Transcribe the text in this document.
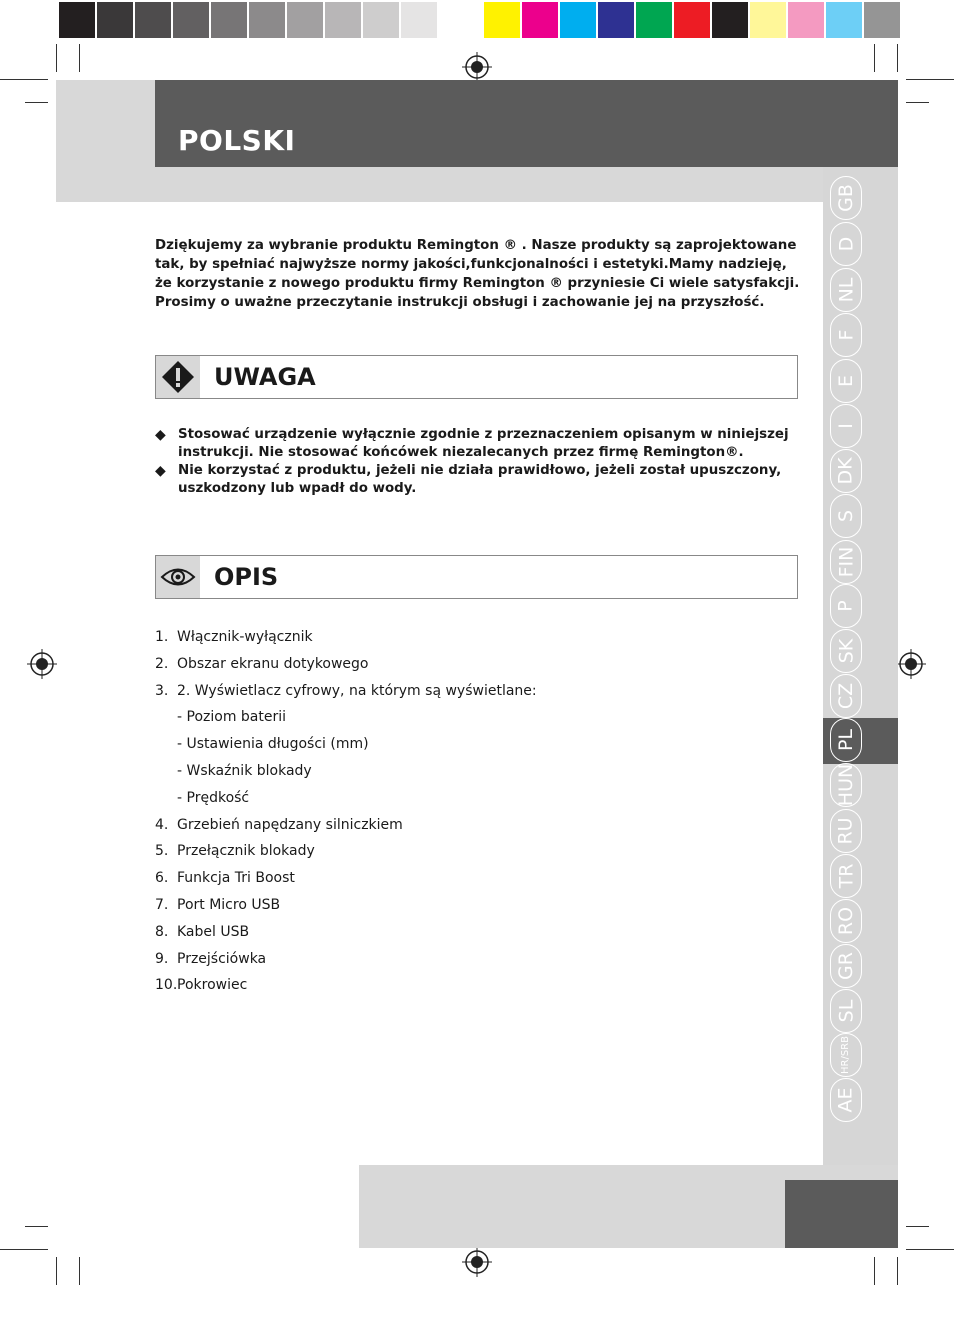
POLSKI
GB
D
NL
F
E
I
DK
S
FIN
P
SK
CZ
PL
HUN
RU
TR
RO
GR
SL
HR/SRB
AE
Dziękujemy za wybranie produktu Remington ® . Nasze produkty są zaprojektowane
tak, by spełniać najwyższe normy jakości,funkcjonalności i estetyki.Mamy nadzieję,
że korzystanie z nowego produktu firmy Remington ® przyniesie Ci wiele satysfakcji.
Prosimy o uważne przeczytanie instrukcji obsługi i zachowanie jej na przyszłość.
UWAGA
◆ Stosować urządzenie wyłącznie zgodnie z przeznaczeniem opisanym w niniejszej instrukcji. Nie stosować końcówek niezalecanych przez firmę Remington®.
◆ Nie korzystać z produktu, jeżeli nie działa prawidłowo, jeżeli został upuszczony, uszkodzony lub wpadł do wody.
OPIS
1. Włącznik-wyłącznik
2. Obszar ekranu dotykowego
3. 2. Wyświetlacz cyfrowy, na którym są wyświetlane:
- Poziom baterii
- Ustawienia długości (mm)
- Wskaźnik blokady
- Prędkość
4. Grzebień napędzany silniczkiem
5. Przełącznik blokady
6. Funkcja Tri Boost
7. Port Micro USB
8. Kabel USB
9. Przejściówka
10. Pokrowiec
